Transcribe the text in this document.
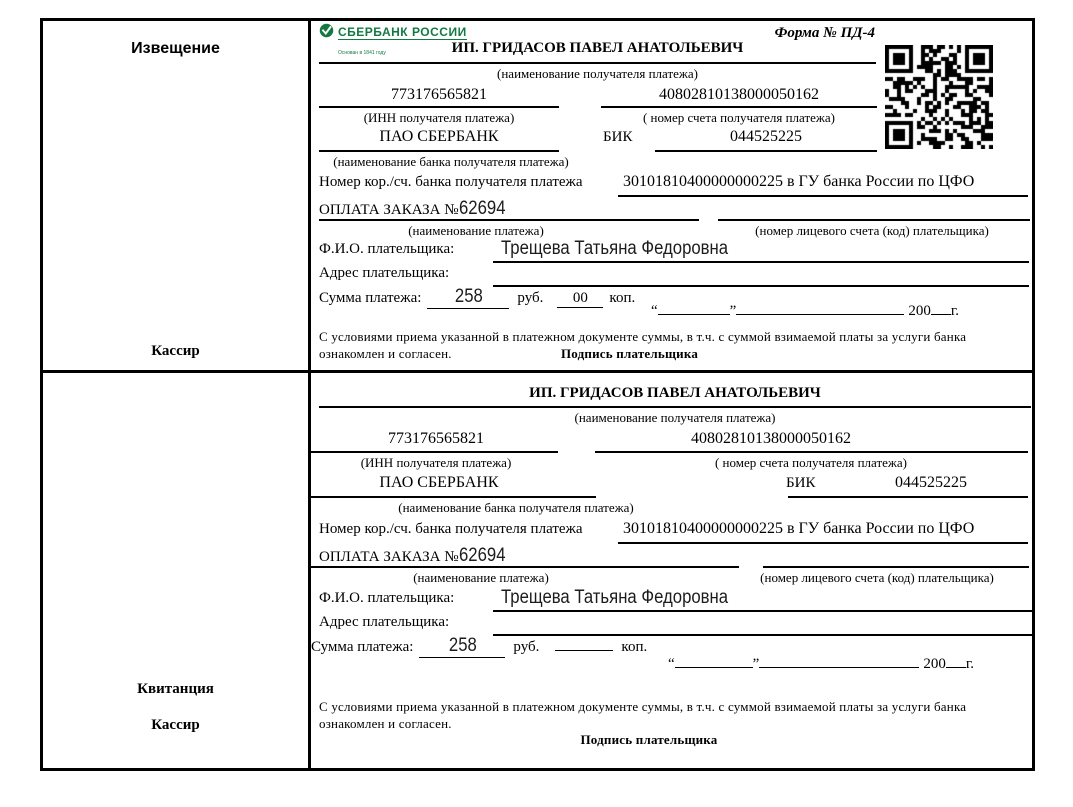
Извещение
Кассир
Квитанция
Кассир
СБЕРБАНК РОССИИ
Основан в 1841 году
Форма № ПД-4
ИП. ГРИДАСОВ ПАВЕЛ АНАТОЛЬЕВИЧ
(наименование получателя платежа)
773176565821	40802810138000050162
(ИНН получателя платежа)	( номер счета получателя платежа)
ПАО СБЕРБАНК	БИК	044525225
(наименование банка получателя платежа)
Номер кор./сч. банка получателя платежа	30101810400000000225 в ГУ банка России по ЦФО
ОПЛАТА ЗАКАЗА №62694
(наименование платежа)	(номер лицевого счета (код) плательщика)
Ф.И.О. плательщика: Трещева Татьяна Федоровна
Адрес плательщика:
Сумма платежа:	258	руб.	00	коп.
“	”	200 г.
С условиями приема указанной в платежном документе суммы, в т.ч. с суммой взимаемой платы за услуги банка
ознакомлен и согласен.	Подпись плательщика
ИП. ГРИДАСОВ ПАВЕЛ АНАТОЛЬЕВИЧ
(наименование получателя платежа)
773176565821	40802810138000050162
(ИНН получателя платежа)	( номер счета получателя платежа)
ПАО СБЕРБАНК	БИК	044525225
(наименование банка получателя платежа)
Номер кор./сч. банка получателя платежа	30101810400000000225 в ГУ банка России по ЦФО
ОПЛАТА ЗАКАЗА №62694
(наименование платежа)	(номер лицевого счета (код) плательщика)
Ф.И.О. плательщика: Трещева Татьяна Федоровна
Адрес плательщика:
Сумма платежа:	258	руб.	коп.
“	”	200 г.
С условиями приема указанной в платежном документе суммы, в т.ч. с суммой взимаемой платы за услуги банка
ознакомлен и согласен.
Подпись плательщика
